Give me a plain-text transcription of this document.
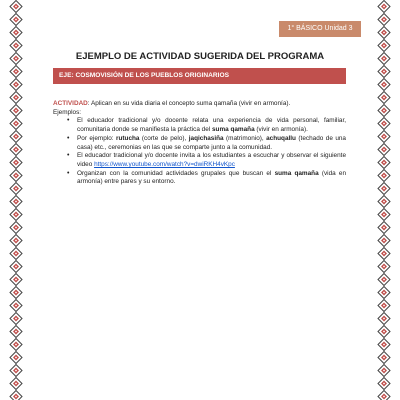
1° BÁSICO Unidad 3
EJEMPLO DE ACTIVIDAD SUGERIDA DEL PROGRAMA
EJE: COSMOVISIÓN DE LOS PUEBLOS ORIGINARIOS

ACTIVIDAD: Aplican en su vida diaria el concepto suma qamaña (vivir en armonía).

Ejemplos:

• El educador tradicional y/o docente relata una experiencia de vida personal, familiar, comunitaria donde se manifiesta la práctica del suma qamaña (vivir en armonía).
• Por ejemplo: rutucha (corte de pelo), jaqichasiña (matrimonio), achuqallu (techado de una casa) etc., ceremonias en las que se comparte junto a la comunidad.
• El educador tradicional y/o docente invita a los estudiantes a escuchar y observar el siguiente video https://www.youtube.com/watch?v=dwiRKH4vKpc
• Organizan con la comunidad actividades grupales que buscan el suma qamaña (vida en armonía) entre pares y su entorno.
